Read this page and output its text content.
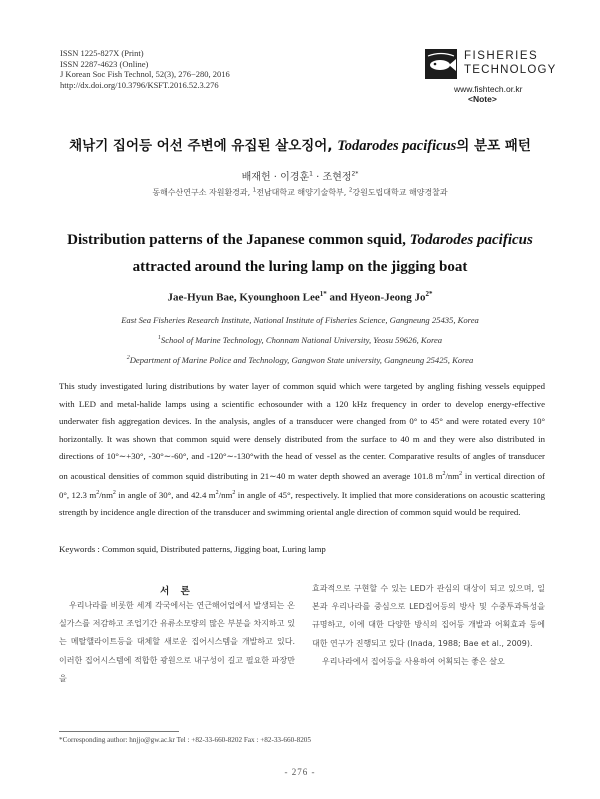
ISSN 1225-827X (Print)
ISSN 2287-4623 (Online)
J Korean Soc Fish Technol, 52(3), 276−280, 2016
http://dx.doi.org/10.3796/KSFT.2016.52.3.276
FISHERIES
TECHNOLOGY
www.fishtech.or.kr
<Note>
채낚기 집어등 어선 주변에 유집된 살오징어, Todarodes pacificus의 분포 패턴
배재헌 · 이경훈$^1$ · 조현정$^{2*}$
동해수산연구소 자원환경과, $^1$전남대학교 해양기술학부, $^2$강원도립대학교 해양경찰과
Distribution patterns of the Japanese common squid, Todarodes pacificus
attracted around the luring lamp on the jigging boat
Jae-Hyun Bae, Kyounghoon Lee$^{1*}$ and Hyeon-Jeong $Jo^{2*}$
East Sea Fisheries Research Institute, National Institute of Fisheries Science, Gangneung 25435, Korea
$^1$School of Marine Technology, Chonnam National University, Yeosu 59626, Korea
$^2$Department of Marine Police and Technology, Gangwon State university, Gangneung 25425, Korea
This study investigated luring distributions by water layer of common squid which were targeted by angling fishing vessels equipped with LED and metal-halide lamps using a scientific echosounder with a 120 kHz frequency in order to develop energy-effective underwater fish aggregation devices. In the analysis, angles of a transducer were changed from 0° to 45° and were rotated every 10° horizontally. It was shown that common squid were densely distributed from the surface to 40 m and they were also distributed in directions of 10°∼+30°, -30°∼-60°, and -120°∼-130°with the head of vessel as the center. Comparative results of angles of transducer on acoustical densities of common squid distributing in 21∼40 m water depth showed an average 101.8 $m^2/nm^2$ in vertical direction of 0°, 12.3 $m^2/nm^2$ in angle of 30°, and 42.4 $m^2/nm^2$ in angle of 45°, respectively. It implied that more considerations on acoustic scattering strength by incidence angle direction of the transducer and swimming oriental angle direction of common squid would be required.
Keywords : Common squid, Distributed patterns, Jigging boat, Luring lamp
서 론
우리나라를 비롯한 세계 각국에서는 연근해어업에서 발생되는 온실가스를 저감하고 조업기간 유류소모량의 많은 부분을 차지하고 있는 메탈핼라이트등을 대체할 새로운 집어시스템을 개발하고 있다. 이러한 집어시스템에 적합한 광원으로 내구성이 길고 필요한 파장만을
효과적으로 구현할 수 있는 LED가 관심의 대상이 되고 있으며, 일본과 우리나라를 중심으로 LED집어등의 방사 및 수중투과특성을 규명하고, 이에 대한 다양한 방식의 집어등 개발과 어획효과 등에 대한 연구가 진행되고 있다 (Inada, 1988; Bae et al., 2009).
우리나라에서 집어등을 사용하여 어획되는 좋은 살오
*Corresponding author: hnjjo@gw.ac.kr Tel : +82-33-660-8202 Fax : +82-33-660-8205
- 276 -
